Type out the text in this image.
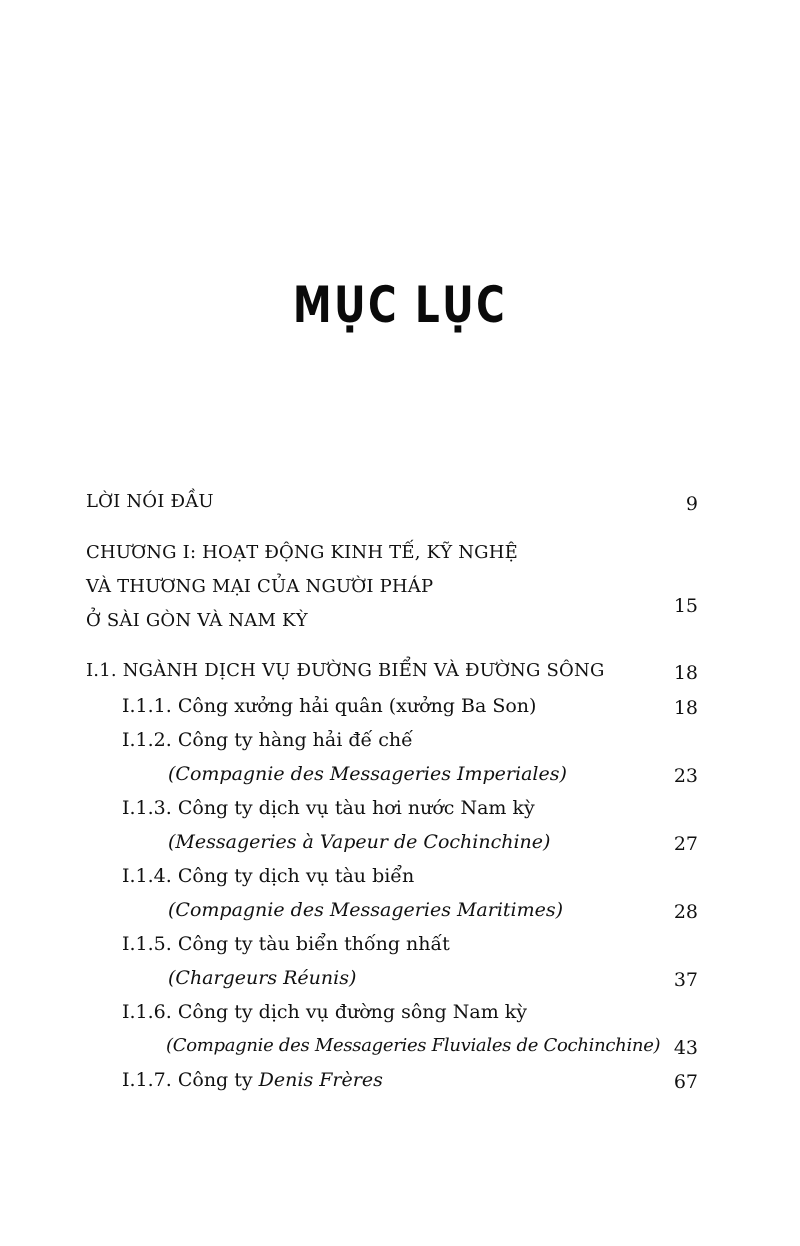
MỤC LỤC
LỜI NÓI ĐẦU	9
CHƯƠNG I: HOẠT ĐỘNG KINH TẾ, KỸ NGHỆ
VÀ THƯƠNG MẠI CỦA NGƯỜI PHÁP
Ở SÀI GÒN VÀ NAM KỲ
15
I.1. NGÀNH DỊCH VỤ ĐƯỜNG BIỂN VÀ ĐƯỜNG SÔNG	18
I.1.1. Công xưởng hải quân (xưởng Ba Son)	18
I.1.2. Công ty hàng hải đế chế
(Compagnie des Messageries Imperiales)	23
I.1.3. Công ty dịch vụ tàu hơi nước Nam kỳ
(Messageries à Vapeur de Cochinchine)	27
I.1.4. Công ty dịch vụ tàu biển
(Compagnie des Messageries Maritimes)	28
I.1.5. Công ty tàu biển thống nhất
(Chargeurs Réunis)	37
I.1.6. Công ty dịch vụ đường sông Nam kỳ
(Compagnie des Messageries Fluviales de Cochinchine) 43
I.1.7. Công ty Denis Frères	67
